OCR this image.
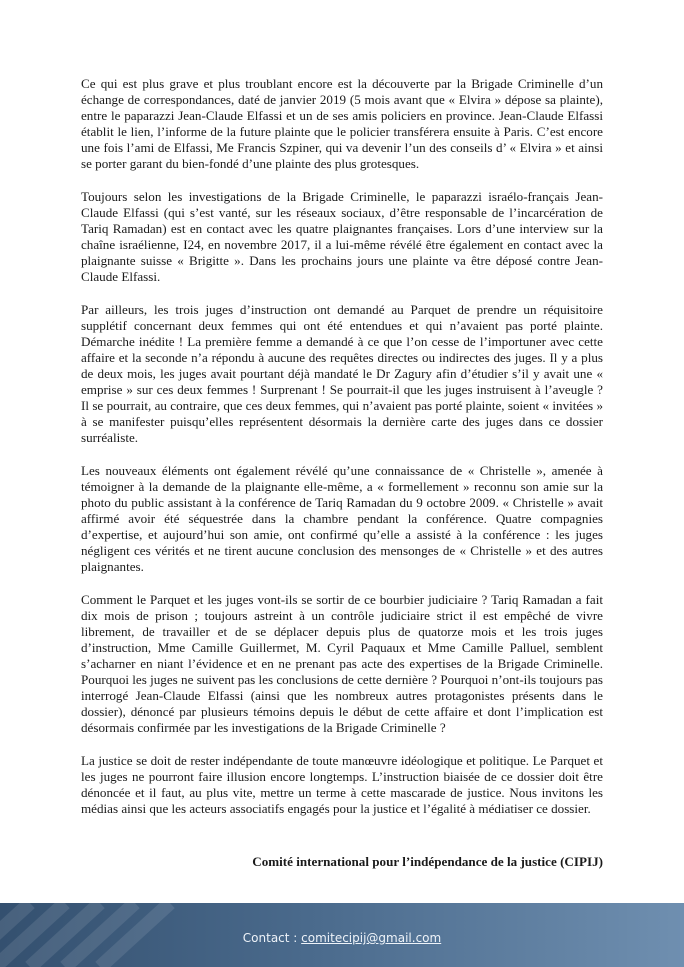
Ce qui est plus grave et plus troublant encore est la découverte par la Brigade Criminelle d’un échange de correspondances, daté de janvier 2019 (5 mois avant que « Elvira » dépose sa plainte), entre le paparazzi Jean-Claude Elfassi et un de ses amis policiers en province. Jean-Claude Elfassi établit le lien, l’informe de la future plainte que le policier transférera ensuite à Paris. C’est encore une fois l’ami de Elfassi, Me Francis Szpiner, qui va devenir l’un des conseils d’ « Elvira » et ainsi se porter garant du bien-fondé d’une plainte des plus grotesques.

Toujours selon les investigations de la Brigade Criminelle, le paparazzi israélo-français Jean-Claude Elfassi (qui s’est vanté, sur les réseaux sociaux, d’être responsable de l’incarcération de Tariq Ramadan) est en contact avec les quatre plaignantes françaises. Lors d’une interview sur la chaîne israélienne, I24, en novembre 2017, il a lui-même révélé être également en contact avec la plaignante suisse « Brigitte ». Dans les prochains jours une plainte va être déposé contre Jean-Claude Elfassi.

Par ailleurs, les trois juges d’instruction ont demandé au Parquet de prendre un réquisitoire supplétif concernant deux femmes qui ont été entendues et qui n’avaient pas porté plainte. Démarche inédite ! La première femme a demandé à ce que l’on cesse de l’importuner avec cette affaire et la seconde n’a répondu à aucune des requêtes directes ou indirectes des juges. Il y a plus de deux mois, les juges avait pourtant déjà mandaté le Dr Zagury afin d’étudier s’il y avait une « emprise » sur ces deux femmes ! Surprenant ! Se pourrait-il que les juges instruisent à l’aveugle ? Il se pourrait, au contraire, que ces deux femmes, qui n’avaient pas porté plainte, soient « invitées » à se manifester puisqu’elles représentent désormais la dernière carte des juges dans ce dossier surréaliste.

Les nouveaux éléments ont également révélé qu’une connaissance de « Christelle », amenée à témoigner à la demande de la plaignante elle-même, a « formellement » reconnu son amie sur la photo du public assistant à la conférence de Tariq Ramadan du 9 octobre 2009. « Christelle » avait affirmé avoir été séquestrée dans la chambre pendant la conférence. Quatre compagnies d’expertise, et aujourd’hui son amie, ont confirmé qu’elle a assisté à la conférence : les juges négligent ces vérités et ne tirent aucune conclusion des mensonges de « Christelle » et des autres plaignantes.

Comment le Parquet et les juges vont-ils se sortir de ce bourbier judiciaire ? Tariq Ramadan a fait dix mois de prison ; toujours astreint à un contrôle judiciaire strict il est empêché de vivre librement, de travailler et de se déplacer depuis plus de quatorze mois et les trois juges d’instruction, Mme Camille Guillermet, M. Cyril Paquaux et Mme Camille Palluel, semblent s’acharner en niant l’évidence et en ne prenant pas acte des expertises de la Brigade Criminelle. Pourquoi les juges ne suivent pas les conclusions de cette dernière ? Pourquoi n’ont-ils toujours pas interrogé Jean-Claude Elfassi (ainsi que les nombreux autres protagonistes présents dans le dossier), dénoncé par plusieurs témoins depuis le début de cette affaire et dont l’implication est désormais confirmée par les investigations de la Brigade Criminelle ?

La justice se doit de rester indépendante de toute manœuvre idéologique et politique. Le Parquet et les juges ne pourront faire illusion encore longtemps. L’instruction biaisée de ce dossier doit être dénoncée et il faut, au plus vite, mettre un terme à cette mascarade de justice. Nous invitons les médias ainsi que les acteurs associatifs engagés pour la justice et l’égalité à médiatiser ce dossier.

Comité international pour l’indépendance de la justice (CIPIJ)
Contact : comitecipij@gmail.com
